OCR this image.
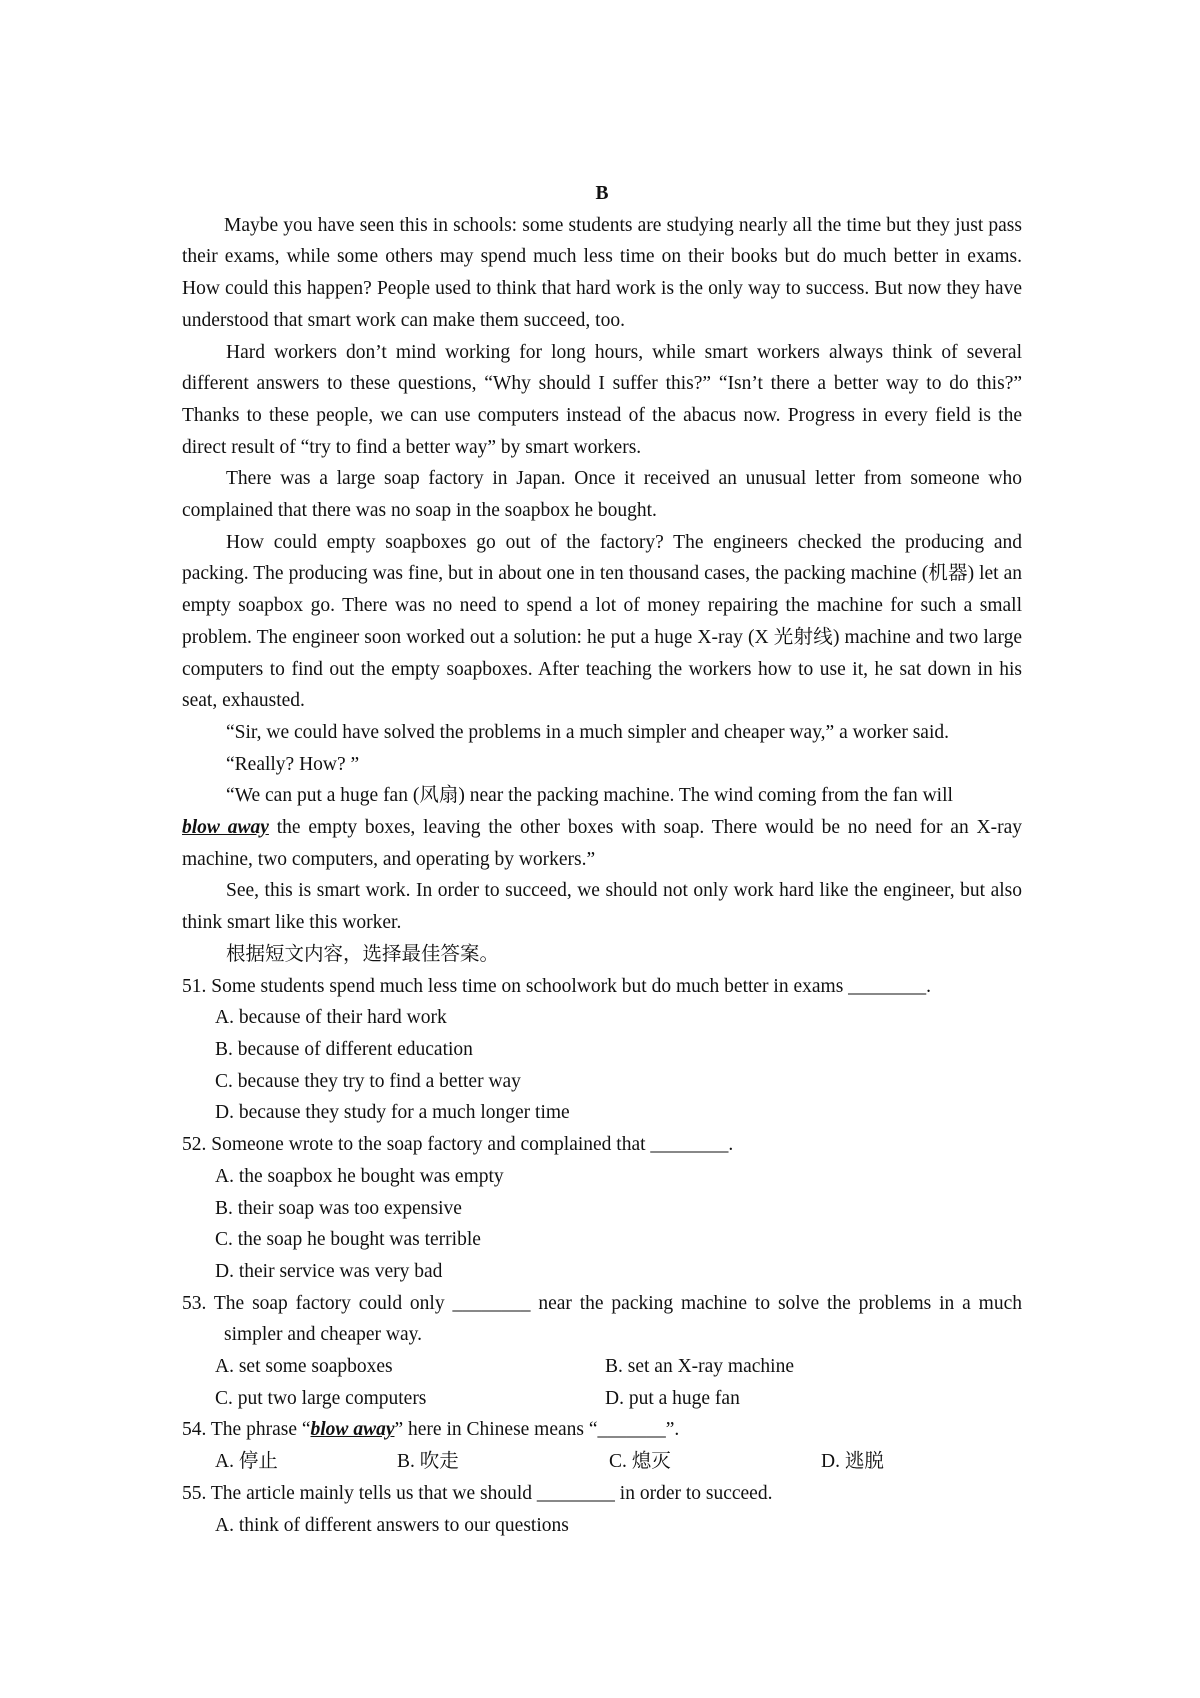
B

Maybe you have seen this in schools: some students are studying nearly all the time but they just pass their exams, while some others may spend much less time on their books but do much better in exams. How could this happen? People used to think that hard work is the only way to success. But now they have understood that smart work can make them succeed, too.

Hard workers don’t mind working for long hours, while smart workers always think of several different answers to these questions, “Why should I suffer this?” “Isn’t there a better way to do this?” Thanks to these people, we can use computers instead of the abacus now. Progress in every field is the direct result of “try to find a better way” by smart workers.

There was a large soap factory in Japan. Once it received an unusual letter from someone who complained that there was no soap in the soapbox he bought.

How could empty soapboxes go out of the factory? The engineers checked the producing and packing. The producing was fine, but in about one in ten thousand cases, the packing machine (机器) let an empty soapbox go. There was no need to spend a lot of money repairing the machine for such a small problem. The engineer soon worked out a solution: he put a huge X-ray (X 光射线) machine and two large computers to find out the empty soapboxes. After teaching the workers how to use it, he sat down in his seat, exhausted.

“Sir, we could have solved the problems in a much simpler and cheaper way,” a worker said.

“Really? How? ”

“We can put a huge fan (风扇) near the packing machine. The wind coming from the fan will
blow away the empty boxes, leaving the other boxes with soap. There would be no need for an X-ray machine, two computers, and operating by workers.”

See, this is smart work. In order to succeed, we should not only work hard like the engineer, but also think smart like this worker.

根据短文内容，选择最佳答案。

51. Some students spend much less time on schoolwork but do much better in exams ________.

A. because of their hard work

B. because of different education

C. because they try to find a better way

D. because they study for a much longer time

52. Someone wrote to the soap factory and complained that ________.

A. the soapbox he bought was empty

B. their soap was too expensive

C. the soap he bought was terrible

D. their service was very bad

53. The soap factory could only ________ near the packing machine to solve the problems in a much simpler and cheaper way.

A. set some soapboxes	B. set an X-ray machine
C. put two large computers	D. put a huge fan

54. The phrase “blow away” here in Chinese means “_______”.

A. 停止	B. 吹走	C. 熄灭	D. 逃脱

55. The article mainly tells us that we should ________ in order to succeed.

A. think of different answers to our questions
